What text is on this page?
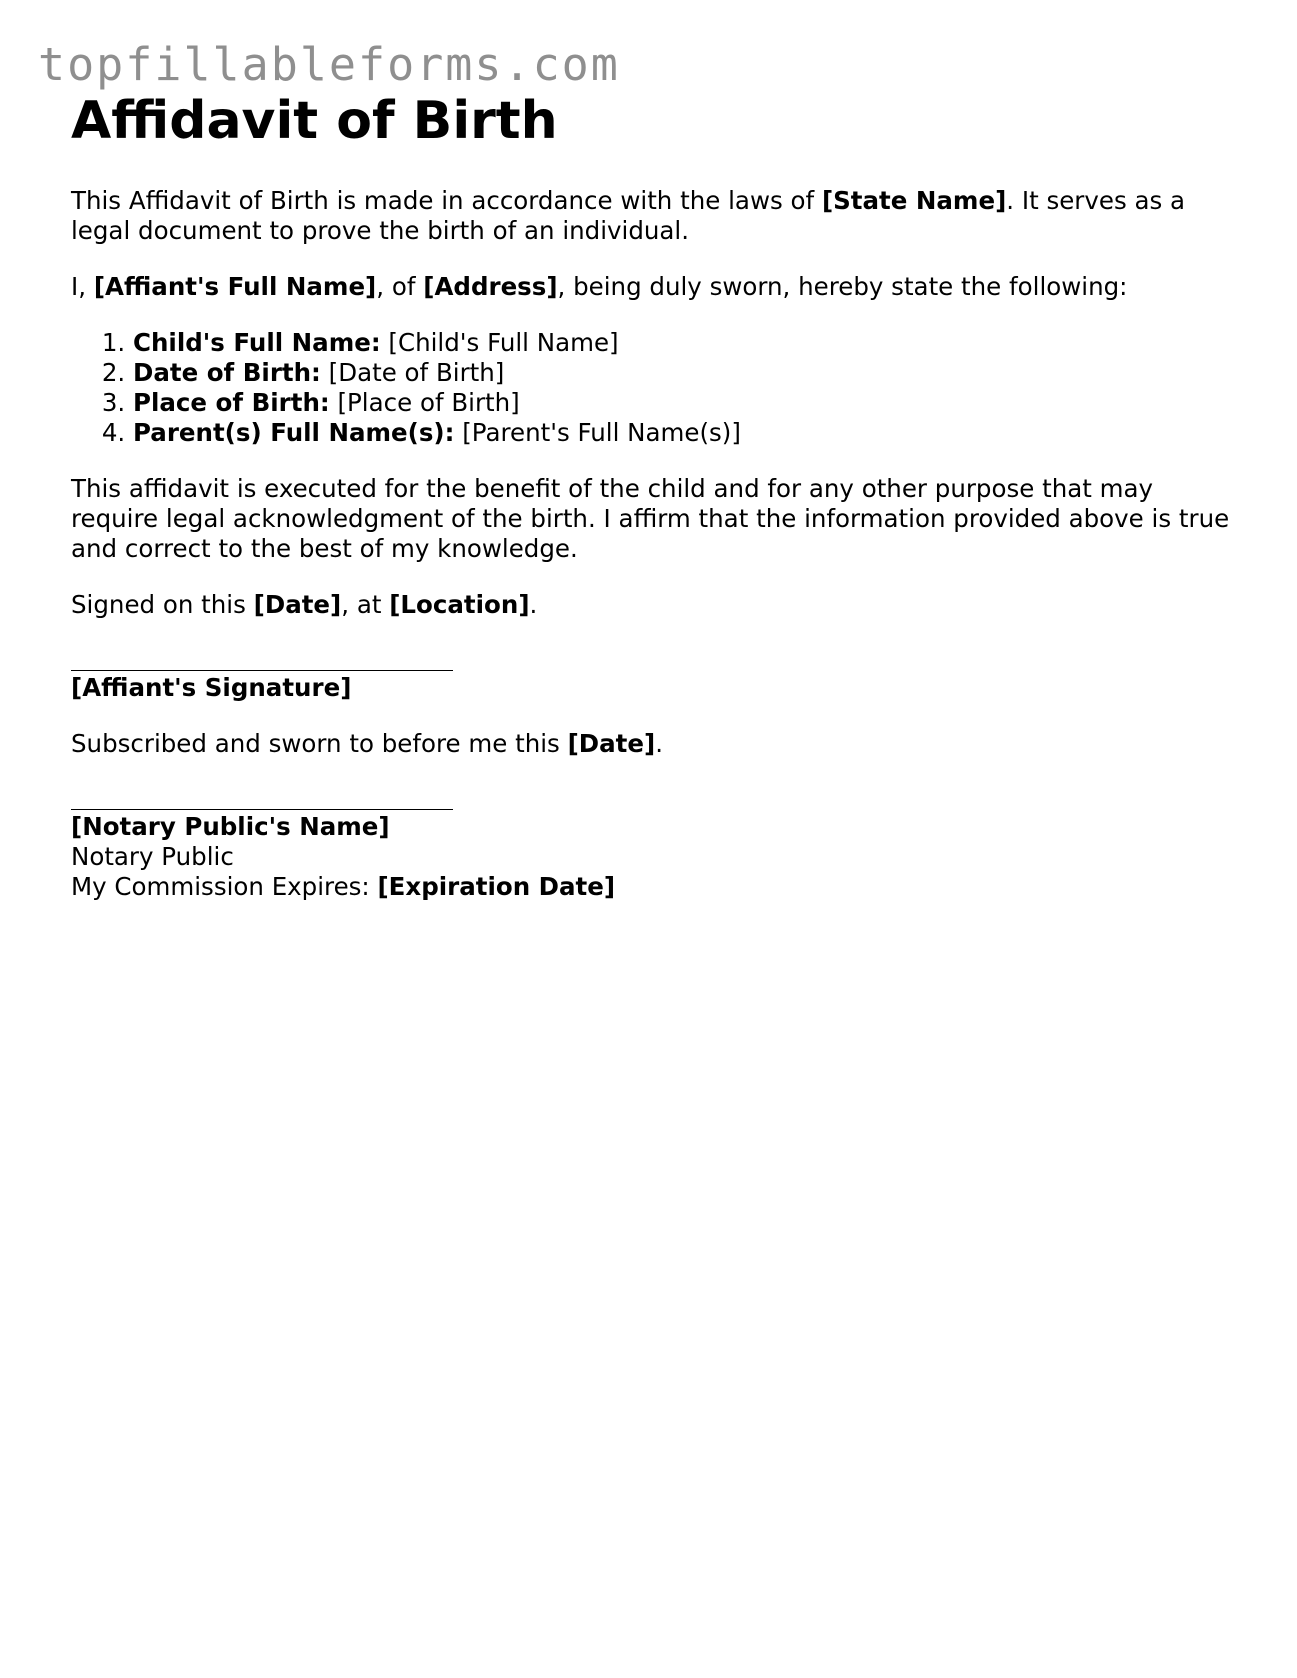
topfillableforms.com
Affidavit of Birth

This Affidavit of Birth is made in accordance with the laws of [State Name]. It serves as a legal document to prove the birth of an individual.

I, [Affiant's Full Name], of [Address], being duly sworn, hereby state the following:

1. Child's Full Name: [Child's Full Name]
2. Date of Birth: [Date of Birth]
3. Place of Birth: [Place of Birth]
4. Parent(s) Full Name(s): [Parent's Full Name(s)]

This affidavit is executed for the benefit of the child and for any other purpose that may require legal acknowledgment of the birth. I affirm that the information provided above is true and correct to the best of my knowledge.

Signed on this [Date], at [Location].

[Affiant's Signature]

Subscribed and sworn to before me this [Date].

[Notary Public's Name]
Notary Public
My Commission Expires: [Expiration Date]
